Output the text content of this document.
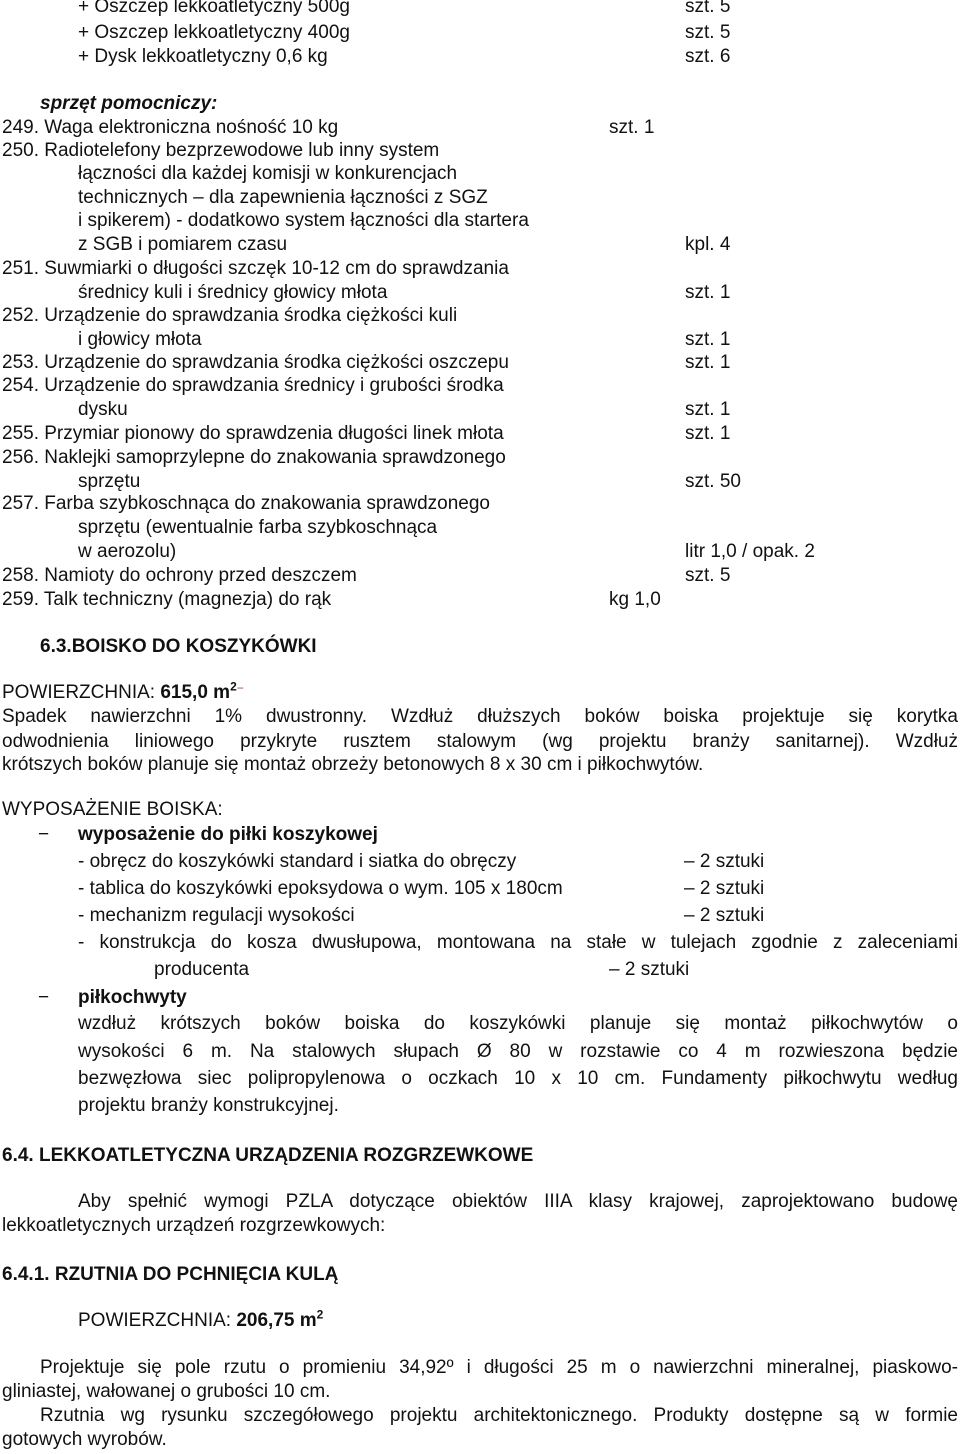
+ Oszczep lekkoatletyczny 500g	szt. 5
+ Oszczep lekkoatletyczny 400g	szt. 5
+ Dysk lekkoatletyczny 0,6 kg	szt. 6
sprzęt pomocniczy:
249. Waga elektroniczna nośność 10 kg	szt. 1
250. Radiotelefony bezprzewodowe lub inny system
łączności dla każdej komisji w konkurencjach
technicznych – dla zapewnienia łączności z SGZ
i spikerem) - dodatkowo system łączności dla startera
z SGB i pomiarem czasu	kpl. 4
251. Suwmiarki o długości szczęk 10-12 cm do sprawdzania
średnicy kuli i średnicy głowicy młota	szt. 1
252. Urządzenie do sprawdzania środka ciężkości kuli
i głowicy młota	szt. 1
253. Urządzenie do sprawdzania środka ciężkości oszczepu	szt. 1
254. Urządzenie do sprawdzania średnicy i grubości środka
dysku	szt. 1
255. Przymiar pionowy do sprawdzenia długości linek młota	szt. 1
256. Naklejki samoprzylepne do znakowania sprawdzonego
sprzętu	szt. 50
257. Farba szybkoschnąca do znakowania sprawdzonego
sprzętu (ewentualnie farba szybkoschnąca
w aerozolu)	litr 1,0 / opak. 2
258. Namioty do ochrony przed deszczem	szt. 5
259. Talk techniczny (magnezja) do rąk	kg 1,0
6.3.BOISKO DO KOSZYKÓWKI
POWIERZCHNIA: 615,0 $m^{2-}$
Spadek nawierzchni 1% dwustronny. Wzdłuż dłuższych boków boiska projektuje się korytka
odwodnienia liniowego przykryte rusztem stalowym (wg projektu branży sanitarnej). Wzdłuż
krótszych boków planuje się montaż obrzeży betonowych 8 x 30 cm i piłkochwytów.
WYPOSAŻENIE BOISKA:
− wyposażenie do piłki koszykowej
- obręcz do koszykówki standard i siatka do obręczy	– 2 sztuki
- tablica do koszykówki epoksydowa o wym. 105 x 180cm	– 2 sztuki
- mechanizm regulacji wysokości	– 2 sztuki
- konstrukcja do kosza dwusłupowa, montowana na stałe w tulejach zgodnie z zaleceniami
producenta	– 2 sztuki
− piłkochwyty
wzdłuż krótszych boków boiska do koszykówki planuje się montaż piłkochwytów o
wysokości 6 m. Na stalowych słupach Ø 80 w rozstawie co 4 m rozwieszona będzie
bezwęzłowa siec polipropylenowa o oczkach 10 x 10 cm. Fundamenty piłkochwytu według
projektu branży konstrukcyjnej.
6.4. LEKKOATLETYCZNA URZĄDZENIA ROZGRZEWKOWE
Aby spełnić wymogi PZLA dotyczące obiektów IIIA klasy krajowej, zaprojektowano budowę
lekkoatletycznych urządzeń rozgrzewkowych:
6.4.1. RZUTNIA DO PCHNIĘCIA KULĄ
POWIERZCHNIA: 206,75 $m^2$
Projektuje się pole rzutu o promieniu 34,92º i długości 25 m o nawierzchni mineralnej, piaskowo-
gliniastej, wałowanej o grubości 10 cm.
Rzutnia wg rysunku szczegółowego projektu architektonicznego. Produkty dostępne są w formie
gotowych wyrobów.
